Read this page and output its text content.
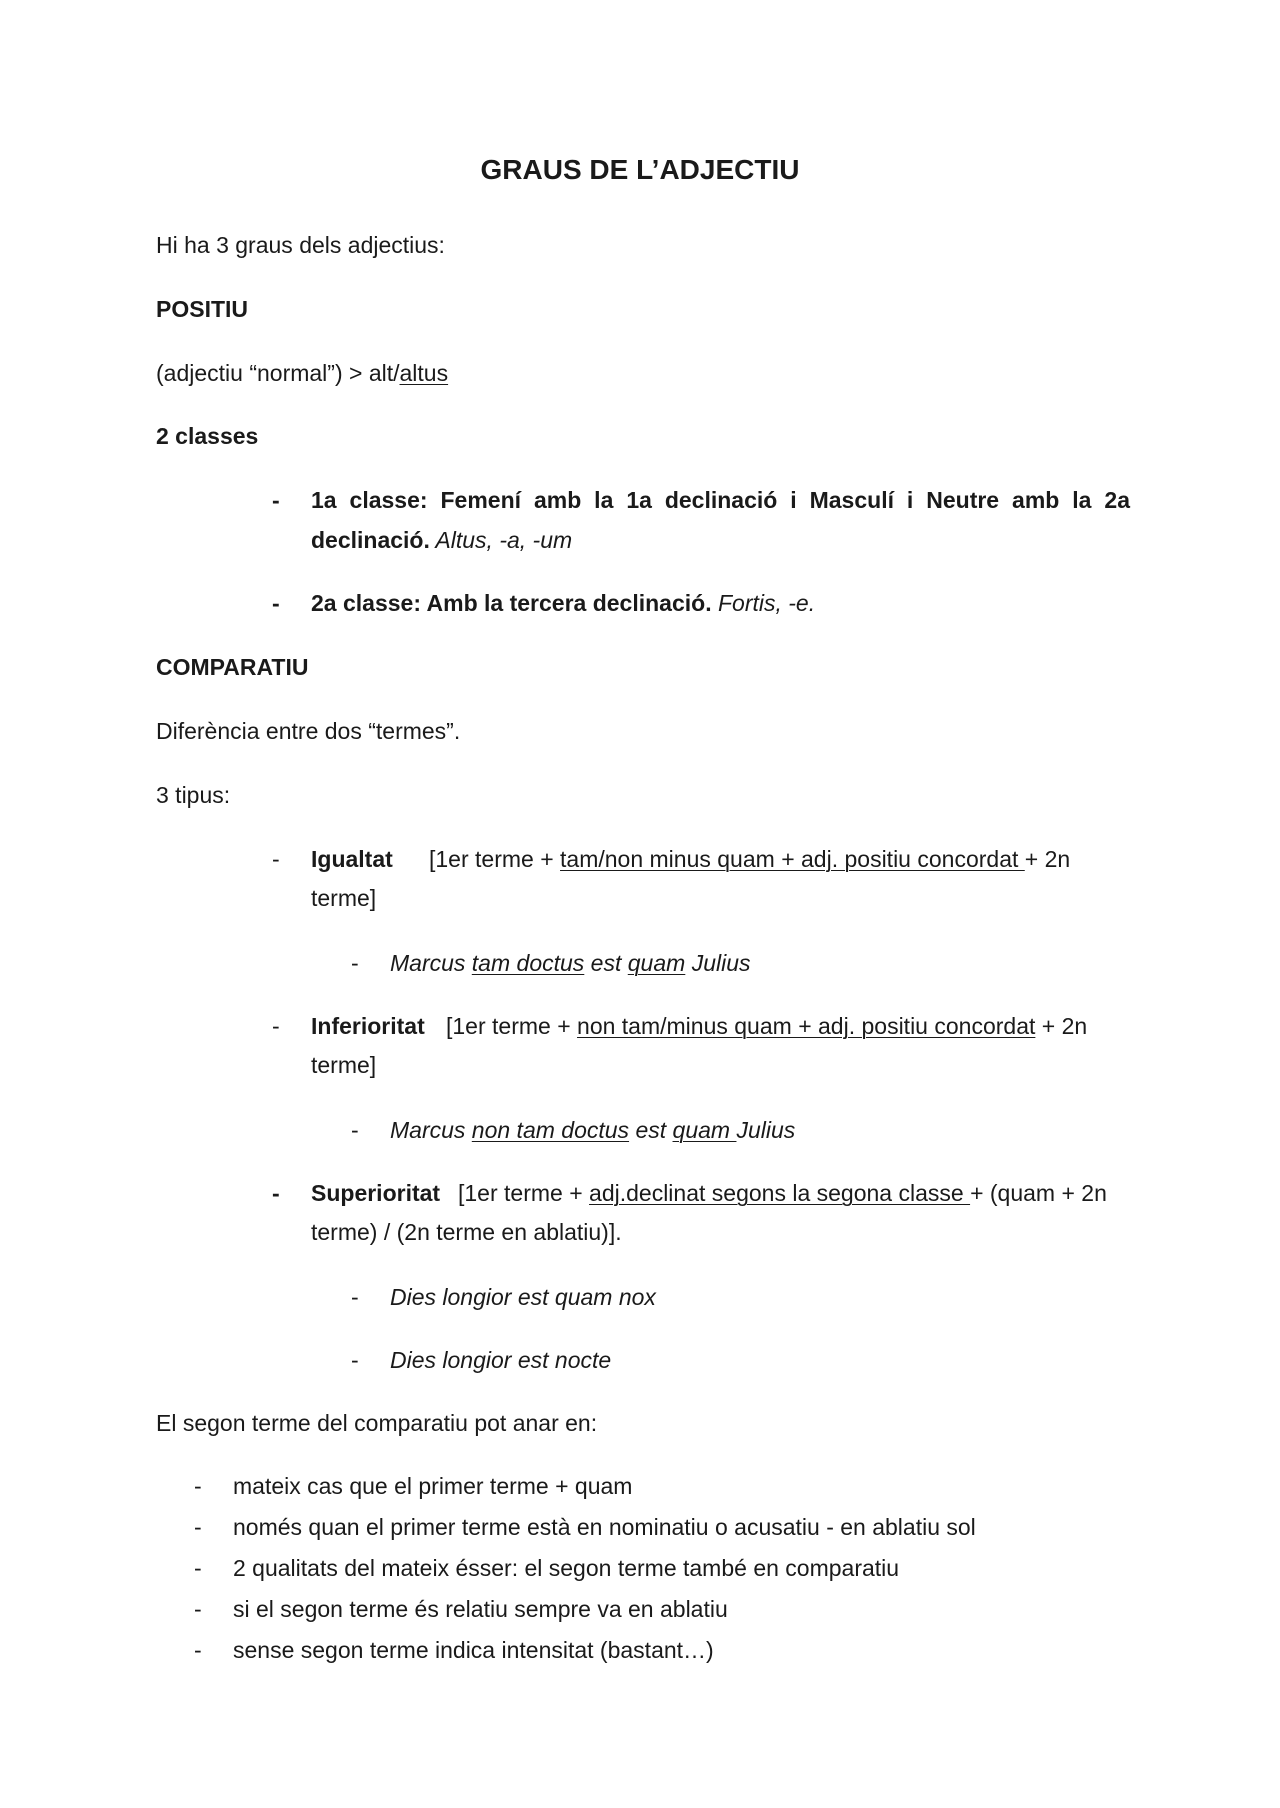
GRAUS DE L’ADJECTIU
Hi ha 3 graus dels adjectius:
POSITIU
(adjectiu “normal”) > alt/altus
2 classes
- 1a classe: Femení amb la 1a declinació i Masculí i Neutre amb la 2a
declinació. Altus, -a, -um
- 2a classe: Amb la tercera declinació. Fortis, -e.
COMPARATIU
Diferència entre dos “termes”.
3 tipus:
- Igualtat [1er terme + tam/non minus quam + adj. positiu concordat + 2n
terme]
- Marcus tam doctus est quam Julius
- Inferioritat [1er terme + non tam/minus quam + adj. positiu concordat + 2n
terme]
- Marcus non tam doctus est quam Julius
- Superioritat [1er terme + adj.declinat segons la segona classe + (quam + 2n
terme) / (2n terme en ablatiu)].
- Dies longior est quam nox
- Dies longior est nocte
El segon terme del comparatiu pot anar en:
- mateix cas que el primer terme + quam
- només quan el primer terme està en nominatiu o acusatiu - en ablatiu sol
- 2 qualitats del mateix ésser: el segon terme també en comparatiu
- si el segon terme és relatiu sempre va en ablatiu
- sense segon terme indica intensitat (bastant…)
